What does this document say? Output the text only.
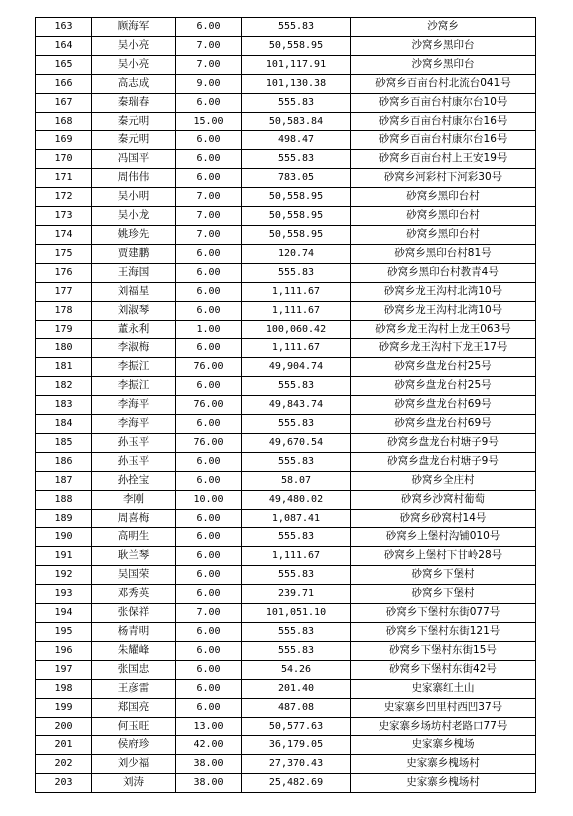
163	顾海军	6.00	555.83	沙窝乡
164	吴小亮	7.00	50,558.95	沙窝乡黑印台
165	吴小亮	7.00	101,117.91	沙窝乡黑印台
166	高志成	9.00	101,130.38	砂窝乡百亩台村北流台041号
167	秦瑞春	6.00	555.83	砂窝乡百亩台村康尔台10号
168	秦元明	15.00	50,583.84	砂窝乡百亩台村康尔台16号
169	秦元明	6.00	498.47	砂窝乡百亩台村康尔台16号
170	冯国平	6.00	555.83	砂窝乡百亩台村上王安19号
171	周伟伟	6.00	783.05	砂窝乡河彩村下河彩30号
172	吴小明	7.00	50,558.95	砂窝乡黑印台村
173	吴小龙	7.00	50,558.95	砂窝乡黑印台村
174	姚珍先	7.00	50,558.95	砂窝乡黑印台村
175	贾建鹏	6.00	120.74	砂窝乡黑印台村81号
176	王海国	6.00	555.83	砂窝乡黑印台村教青4号
177	刘福星	6.00	1,111.67	砂窝乡龙王沟村北湾10号
178	刘淑琴	6.00	1,111.67	砂窝乡龙王沟村北湾10号
179	董永利	1.00	100,060.42	砂窝乡龙王沟村上龙王063号
180	李淑梅	6.00	1,111.67	砂窝乡龙王沟村下龙王17号
181	李振江	76.00	49,904.74	砂窝乡盘龙台村25号
182	李振江	6.00	555.83	砂窝乡盘龙台村25号
183	李海平	76.00	49,843.74	砂窝乡盘龙台村69号
184	李海平	6.00	555.83	砂窝乡盘龙台村69号
185	孙玉平	76.00	49,670.54	砂窝乡盘龙台村塘子9号
186	孙玉平	6.00	555.83	砂窝乡盘龙台村塘子9号
187	孙拴宝	6.00	58.07	砂窝乡全庄村
188	李刚	10.00	49,480.02	砂窝乡沙窝村葡萄
189	周喜梅	6.00	1,087.41	砂窝乡砂窝村14号
190	高明生	6.00	555.83	砂窝乡上堡村沟铺010号
191	耿兰琴	6.00	1,111.67	砂窝乡上堡村下甘岭28号
192	吴国荣	6.00	555.83	砂窝乡下堡村
193	邓秀英	6.00	239.71	砂窝乡下堡村
194	张保祥	7.00	101,051.10	砂窝乡下堡村东街077号
195	杨青明	6.00	555.83	砂窝乡下堡村东街121号
196	朱耀峰	6.00	555.83	砂窝乡下堡村东街15号
197	张国忠	6.00	54.26	砂窝乡下堡村东街42号
198	王彦雷	6.00	201.40	史家寨红土山
199	郑国亮	6.00	487.08	史家寨乡凹里村西凹37号
200	何玉旺	13.00	50,577.63	史家寨乡场坊村老路口77号
201	侯府珍	42.00	36,179.05	史家寨乡槐场
202	刘少福	38.00	27,370.43	史家寨乡槐场村
203	刘涛	38.00	25,482.69	史家寨乡槐场村
